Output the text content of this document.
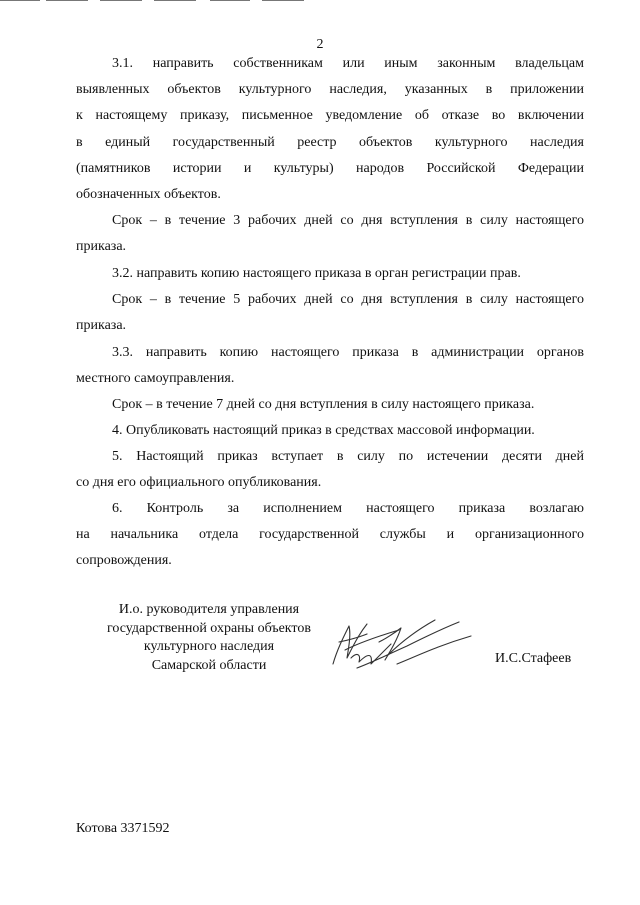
2
3.1. направить собственникам или иным законным владельцам
выявленных объектов культурного наследия, указанных в приложении
к настоящему приказу, письменное уведомление об отказе во включении
в единый государственный реестр объектов культурного наследия
(памятников истории и культуры) народов Российской Федерации
обозначенных объектов.
Срок – в течение 3 рабочих дней со дня вступления в силу настоящего
приказа.
3.2. направить копию настоящего приказа в орган регистрации прав.
Срок – в течение 5 рабочих дней со дня вступления в силу настоящего
приказа.
3.3. направить копию настоящего приказа в администрации органов
местного самоуправления.
Срок – в течение 7 дней со дня вступления в силу настоящего приказа.
4. Опубликовать настоящий приказ в средствах массовой информации.
5. Настоящий приказ вступает в силу по истечении десяти дней
со дня его официального опубликования.
6. Контроль за исполнением настоящего приказа возлагаю
на начальника отдела государственной службы и организационного
сопровождения.
И.о. руководителя управления
государственной охраны объектов
культурного наследия
Самарской области	И.С.Стафеев
Котова 3371592
